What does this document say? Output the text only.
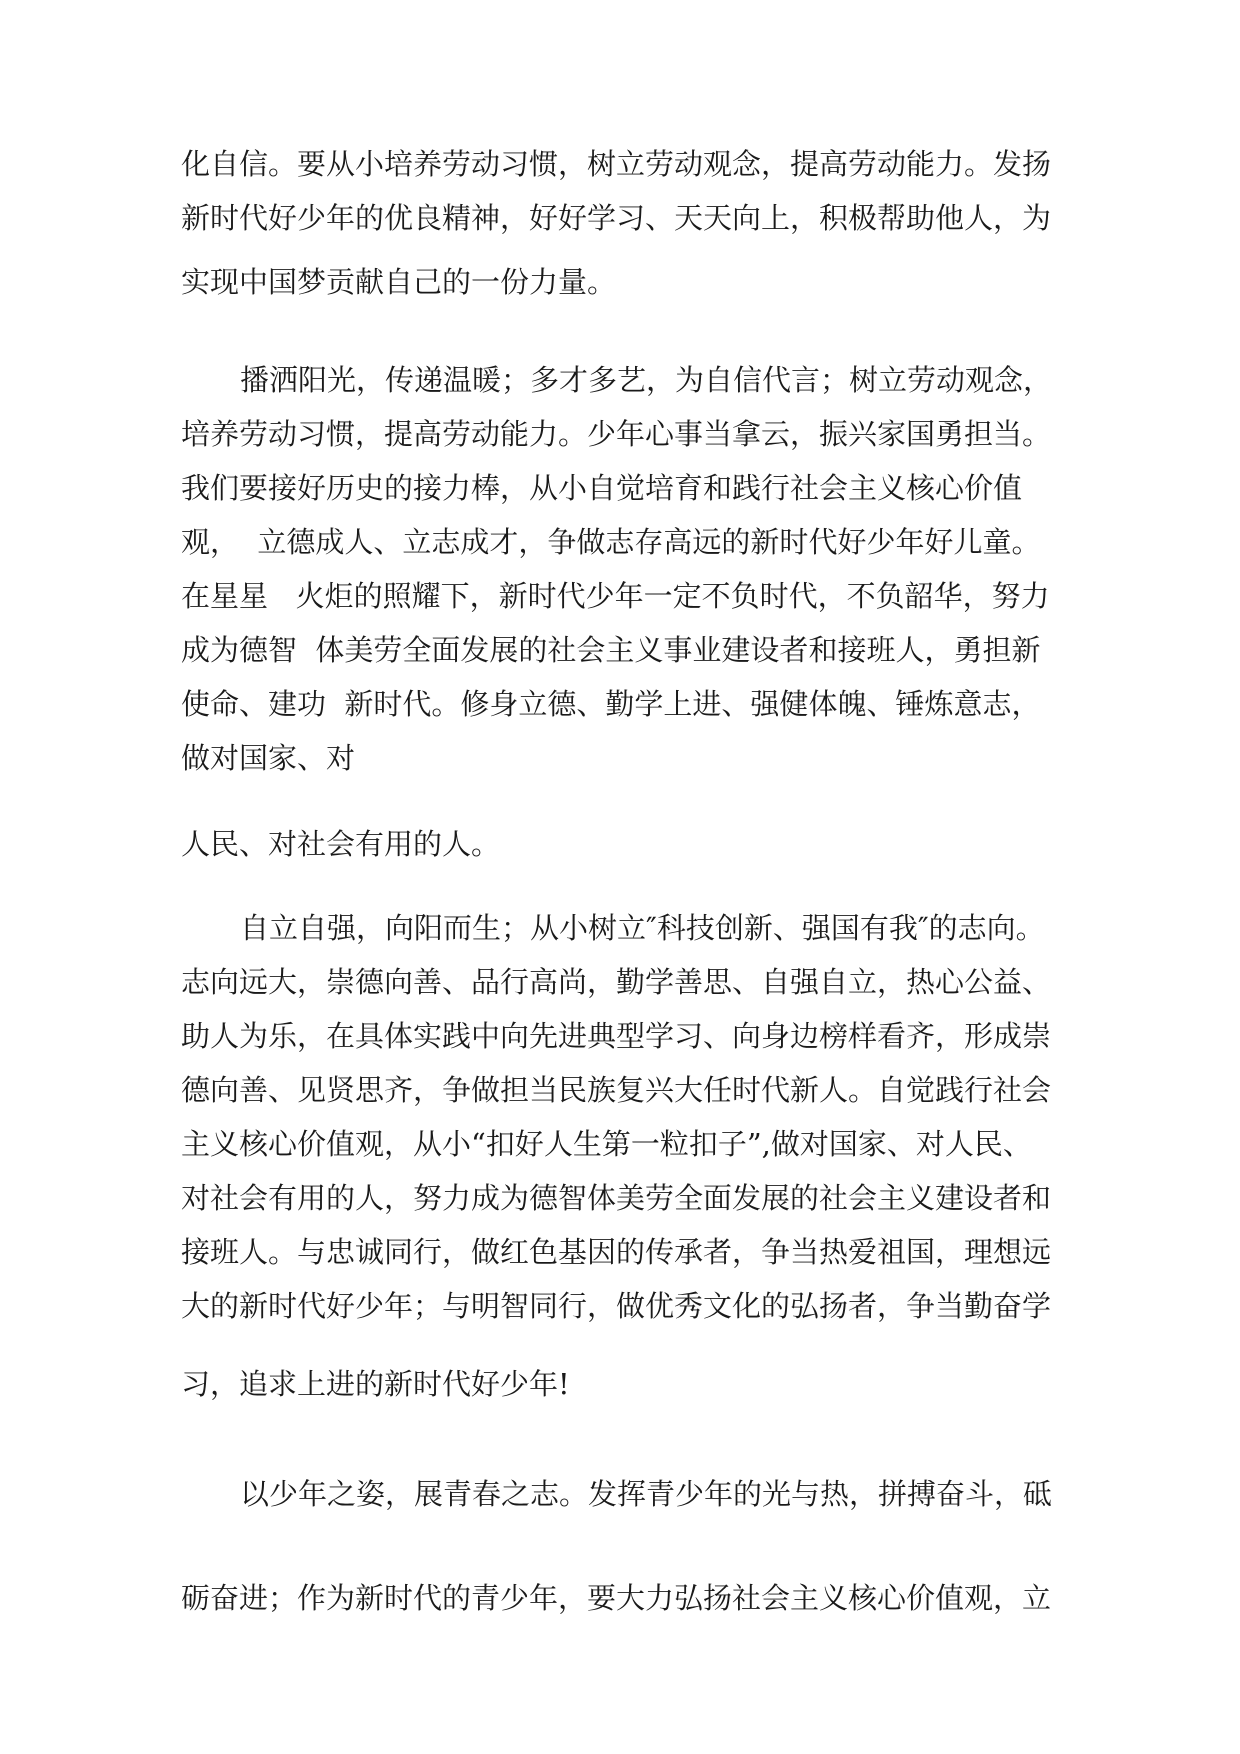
化自信。要从小培养劳动习惯，树立劳动观念，提高劳动能力。发扬

新时代好少年的优良精神，好好学习、天天向上，积极帮助他人，为

实现中国梦贡献自己的一份力量。

播洒阳光，传递温暖；多才多艺，为自信代言；树立劳动观念，

培养劳动习惯，提高劳动能力。少年心事当拿云，振兴家国勇担当。

我们要接好历史的接力棒，从小自觉培育和践行社会主义核心价值

观，  立德成人、立志成才，争做志存高远的新时代好少年好儿童。

在星星   火炬的照耀下，新时代少年一定不负时代，不负韶华，努力

成为德智  体美劳全面发展的社会主义事业建设者和接班人，勇担新

使命、建功  新时代。修身立德、勤学上进、强健体魄、锤炼意志，

做对国家、对

人民、对社会有用的人。

自立自强，向阳而生；从小树立″科技创新、强国有我″的志向。

志向远大，崇德向善、品行高尚，勤学善思、自强自立，热心公益、

助人为乐，在具体实践中向先进典型学习、向身边榜样看齐，形成崇

德向善、见贤思齐，争做担当民族复兴大任时代新人。自觉践行社会

主义核心价值观，从小“扣好人生第一粒扣子”,做对国家、对人民、

对社会有用的人，努力成为德智体美劳全面发展的社会主义建设者和

接班人。与忠诚同行，做红色基因的传承者，争当热爱祖国，理想远

大的新时代好少年；与明智同行，做优秀文化的弘扬者，争当勤奋学

习，追求上进的新时代好少年!

以少年之姿，展青春之志。发挥青少年的光与热，拼搏奋斗，砥

砺奋进；作为新时代的青少年，要大力弘扬社会主义核心价值观，立
